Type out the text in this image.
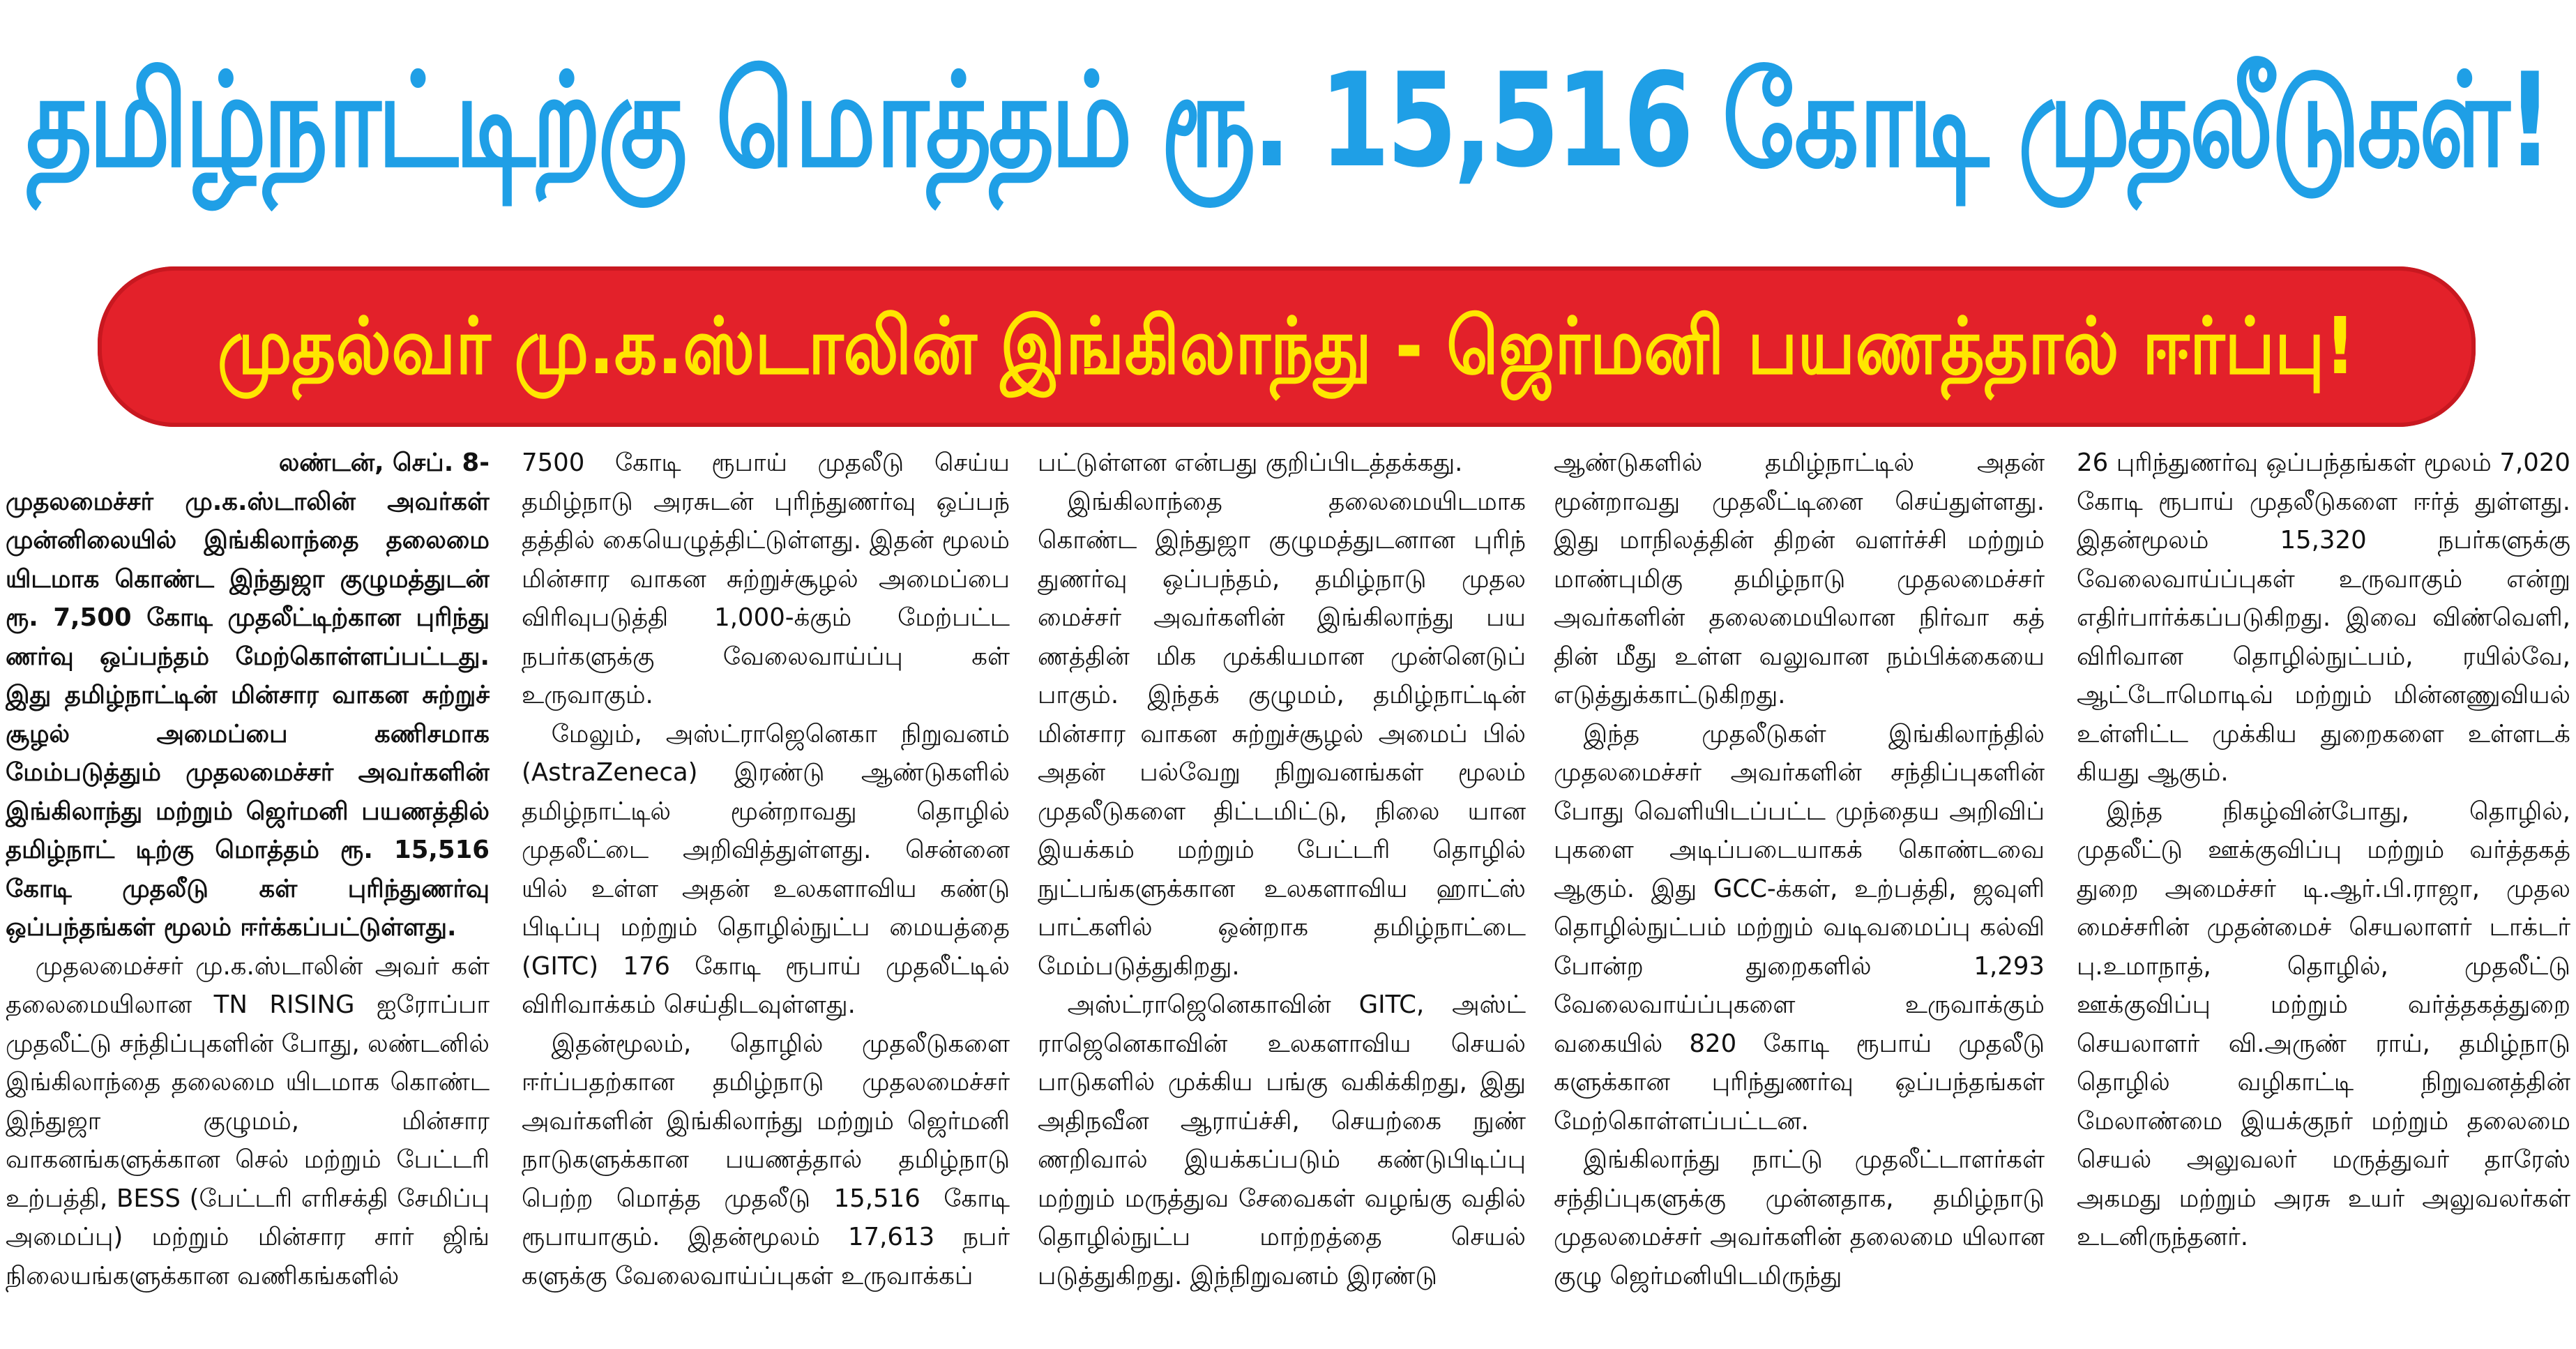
தமிழ்நாட்டிற்கு மொத்தம் ரூ. 15,516 கோடி முதலீடுகள்!
முதல்வர் மு.க.ஸ்டாலின் இங்கிலாந்து - ஜெர்மனி பயணத்தால் ஈர்ப்பு!

லண்டன், செப். 8-

முதலமைச்சர் மு.க.ஸ்டாலின் அவர்கள் முன்னிலையில் இங்கிலாந்தை தலைமை யிடமாக கொண்ட இந்துஜா குழுமத்துடன் ரூ. 7,500 கோடி முதலீட்டிற்கான புரிந்து ணர்வு ஒப்பந்தம் மேற்கொள்ளப்பட்டது. இது தமிழ்நாட்டின் மின்சார வாகன சுற்றுச் சூழல் அமைப்பை கணிசமாக மேம்படுத்தும் முதலமைச்சர் அவர்களின் இங்கிலாந்து மற்றும் ஜெர்மனி பயணத்தில் தமிழ்நாட் டிற்கு மொத்தம் ரூ. 15,516 கோடி முதலீடு கள் புரிந்துணர்வு ஒப்பந்தங்கள் மூலம் ஈர்க்கப்பட்டுள்ளது.

முதலமைச்சர் மு.க.ஸ்டாலின் அவர் கள் தலைமையிலான TN RISING ஐரோப்பா முதலீட்டு சந்திப்புகளின் போது, லண்டனில் இங்கிலாந்தை தலைமை யிடமாக கொண்ட இந்துஜா குழுமம், மின்சார வாகனங்களுக்கான செல் மற்றும் பேட்டரி உற்பத்தி, BESS (பேட்டரி எரிசக்தி சேமிப்பு அமைப்பு) மற்றும் மின்சார சார் ஜிங் நிலையங்களுக்கான வணிகங்களில்

7500 கோடி ரூபாய் முதலீடு செய்ய தமிழ்நாடு அரசுடன் புரிந்துணர்வு ஒப்பந் தத்தில் கையெழுத்திட்டுள்ளது. இதன் மூலம் மின்சார வாகன சுற்றுச்சூழல் அமைப்பை விரிவுபடுத்தி 1,000-க்கும் மேற்பட்ட நபர்களுக்கு வேலைவாய்ப்பு கள் உருவாகும்.

மேலும், அஸ்ட்ராஜெனெகா நிறுவனம் (AstraZeneca) இரண்டு ஆண்டுகளில் தமிழ்நாட்டில் மூன்றாவது தொழில் முதலீட்டை அறிவித்துள்ளது. சென்னை யில் உள்ள அதன் உலகளாவிய கண்டு பிடிப்பு மற்றும் தொழில்நுட்ப மையத்தை (GITC) 176 கோடி ரூபாய் முதலீட்டில் விரிவாக்கம் செய்திடவுள்ளது.

இதன்மூலம், தொழில் முதலீடுகளை ஈர்ப்பதற்கான தமிழ்நாடு முதலமைச்சர் அவர்களின் இங்கிலாந்து மற்றும் ஜெர்மனி நாடுகளுக்கான பயணத்தால் தமிழ்நாடு பெற்ற மொத்த முதலீடு 15,516 கோடி ரூபாயாகும். இதன்மூலம் 17,613 நபர் களுக்கு வேலைவாய்ப்புகள் உருவாக்கப்

பட்டுள்ளன என்பது குறிப்பிடத்தக்கது.

இங்கிலாந்தை தலைமையிடமாக கொண்ட இந்துஜா குழுமத்துடனான புரிந் துணர்வு ஒப்பந்தம், தமிழ்நாடு முதல மைச்சர் அவர்களின் இங்கிலாந்து பய ணத்தின் மிக முக்கியமான முன்னெடுப் பாகும். இந்தக் குழுமம், தமிழ்நாட்டின் மின்சார வாகன சுற்றுச்சூழல் அமைப் பில் அதன் பல்வேறு நிறுவனங்கள் மூலம் முதலீடுகளை திட்டமிட்டு, நிலை யான இயக்கம் மற்றும் பேட்டரி தொழில் நுட்பங்களுக்கான உலகளாவிய ஹாட்ஸ் பாட்களில் ஒன்றாக தமிழ்நாட்டை மேம்படுத்துகிறது.

அஸ்ட்ராஜெனெகாவின் GITC, அஸ்ட் ராஜெனெகாவின் உலகளாவிய செயல் பாடுகளில் முக்கிய பங்கு வகிக்கிறது, இது அதிநவீன ஆராய்ச்சி, செயற்கை நுண் ணறிவால் இயக்கப்படும் கண்டுபிடிப்பு மற்றும் மருத்துவ சேவைகள் வழங்கு வதில் தொழில்நுட்ப மாற்றத்தை செயல் படுத்துகிறது. இந்நிறுவனம் இரண்டு

ஆண்டுகளில் தமிழ்நாட்டில் அதன் மூன்றாவது முதலீட்டினை செய்துள்ளது. இது மாநிலத்தின் திறன் வளர்ச்சி மற்றும் மாண்புமிகு தமிழ்நாடு முதலமைச்சர் அவர்களின் தலைமையிலான நிர்வா கத் தின் மீது உள்ள வலுவான நம்பிக்கையை எடுத்துக்காட்டுகிறது.

இந்த முதலீடுகள் இங்கிலாந்தில் முதலமைச்சர் அவர்களின் சந்திப்புகளின் போது வெளியிடப்பட்ட முந்தைய அறிவிப் புகளை அடிப்படையாகக் கொண்டவை ஆகும். இது GCC-க்கள், உற்பத்தி, ஜவுளி தொழில்நுட்பம் மற்றும் வடிவமைப்பு கல்வி போன்ற துறைகளில் 1,293 வேலைவாய்ப்புகளை உருவாக்கும் வகையில் 820 கோடி ரூபாய் முதலீடு களுக்கான புரிந்துணர்வு ஒப்பந்தங்கள் மேற்கொள்ளப்பட்டன.

இங்கிலாந்து நாட்டு முதலீட்டாளர்கள் சந்திப்புகளுக்கு முன்னதாக, தமிழ்நாடு முதலமைச்சர் அவர்களின் தலைமை யிலான குழு ஜெர்மனியிடமிருந்து

26 புரிந்துணர்வு ஒப்பந்தங்கள் மூலம் 7,020 கோடி ரூபாய் முதலீடுகளை ஈர்த் துள்ளது. இதன்மூலம் 15,320 நபர்களுக்கு வேலைவாய்ப்புகள் உருவாகும் என்று எதிர்பார்க்கப்படுகிறது. இவை விண்வெளி, விரிவான தொழில்நுட்பம், ரயில்வே, ஆட்டோமொடிவ் மற்றும் மின்னணுவியல் உள்ளிட்ட முக்கிய துறைகளை உள்ளடக் கியது ஆகும்.

இந்த நிகழ்வின்போது, தொழில், முதலீட்டு ஊக்குவிப்பு மற்றும் வர்த்தகத் துறை அமைச்சர் டி.ஆர்.பி.ராஜா, முதல மைச்சரின் முதன்மைச் செயலாளர் டாக்டர் பு.உமாநாத், தொழில், முதலீட்டு ஊக்குவிப்பு மற்றும் வர்த்தகத்துறை செயலாளர் வி.அருண் ராய், தமிழ்நாடு தொழில் வழிகாட்டி நிறுவனத்தின் மேலாண்மை இயக்குநர் மற்றும் தலைமை செயல் அலுவலர் மருத்துவர் தாரேஸ் அகமது மற்றும் அரசு உயர் அலுவலர்கள் உடனிருந்தனர்.
